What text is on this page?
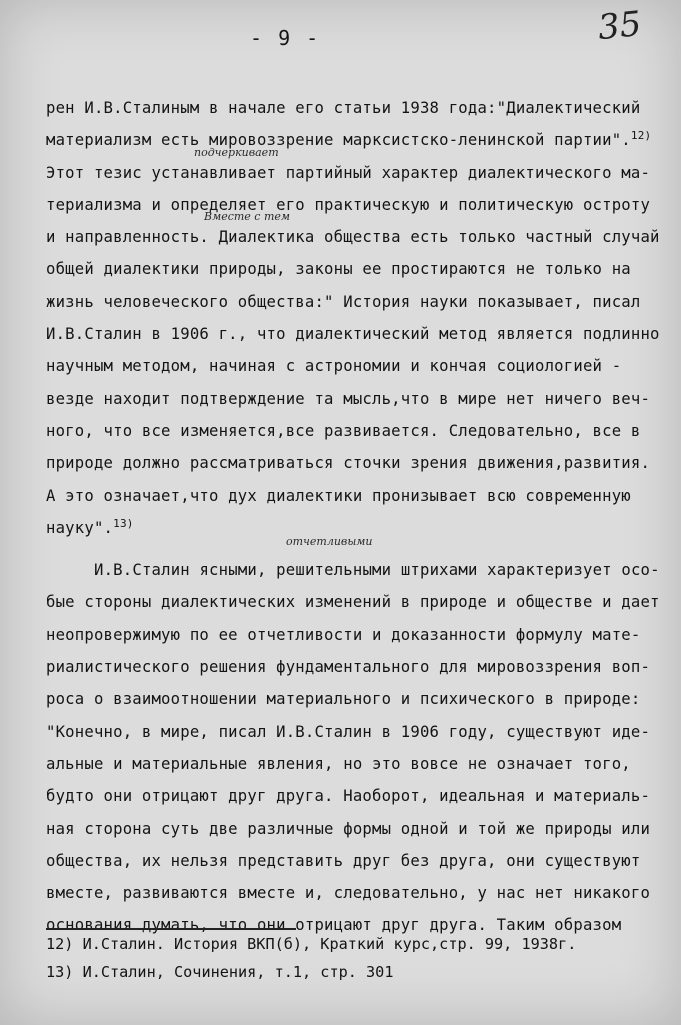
- 9 -	35
подчеркивает
Вместе с тем
отчетливыми
рен И.В.Сталиным в начале его статьи 1938 года:"Диалектический
материализм есть мировоззрение марксистско-ленинской партии".$^{12)}$
Этот тезис устанавливает партийный характер диалектического ма-
териализма и определяет его практическую и политическую остроту
и направленность. Диалектика общества есть только частный случай
общей диалектики природы, законы ее простираются не только на
жизнь человеческого общества:" История науки показывает, писал
И.В.Сталин в 1906 г., что диалектический метод является подлинно
научным методом, начиная с астрономии и кончая социологией -
везде находит подтверждение та мысль,что в мире нет ничего веч-
ного, что все изменяется,все развивается. Следовательно, все в
природе должно рассматриваться сточки зрения движения,развития.
А это означает,что дух диалектики пронизывает всю современную
науку".$^{13)}$
И.В.Сталин ясными, решительными штрихами характеризует осо-
бые стороны диалектических изменений в природе и обществе и дает
неопровержимую по ее отчетливости и доказанности формулу мате-
риалистического решения фундаментального для мировоззрения воп-
роса о взаимоотношении материального и психического в природе:
"Конечно, в мире, писал И.В.Сталин в 1906 году, существуют иде-
альные и материальные явления, но это вовсе не означает того,
будто они отрицают друг друга. Наоборот, идеальная и материаль-
ная сторона суть две различные формы одной и той же природы или
общества, их нельзя представить друг без друга, они существуют
вместе, развиваются вместе и, следовательно, у нас нет никакого
основания думать, что они отрицают друг друга. Таким образом
12) И.Сталин. История ВКП(б), Краткий курс,стр. 99, 1938г.
13) И.Сталин, Сочинения, т.1, стр. 301
